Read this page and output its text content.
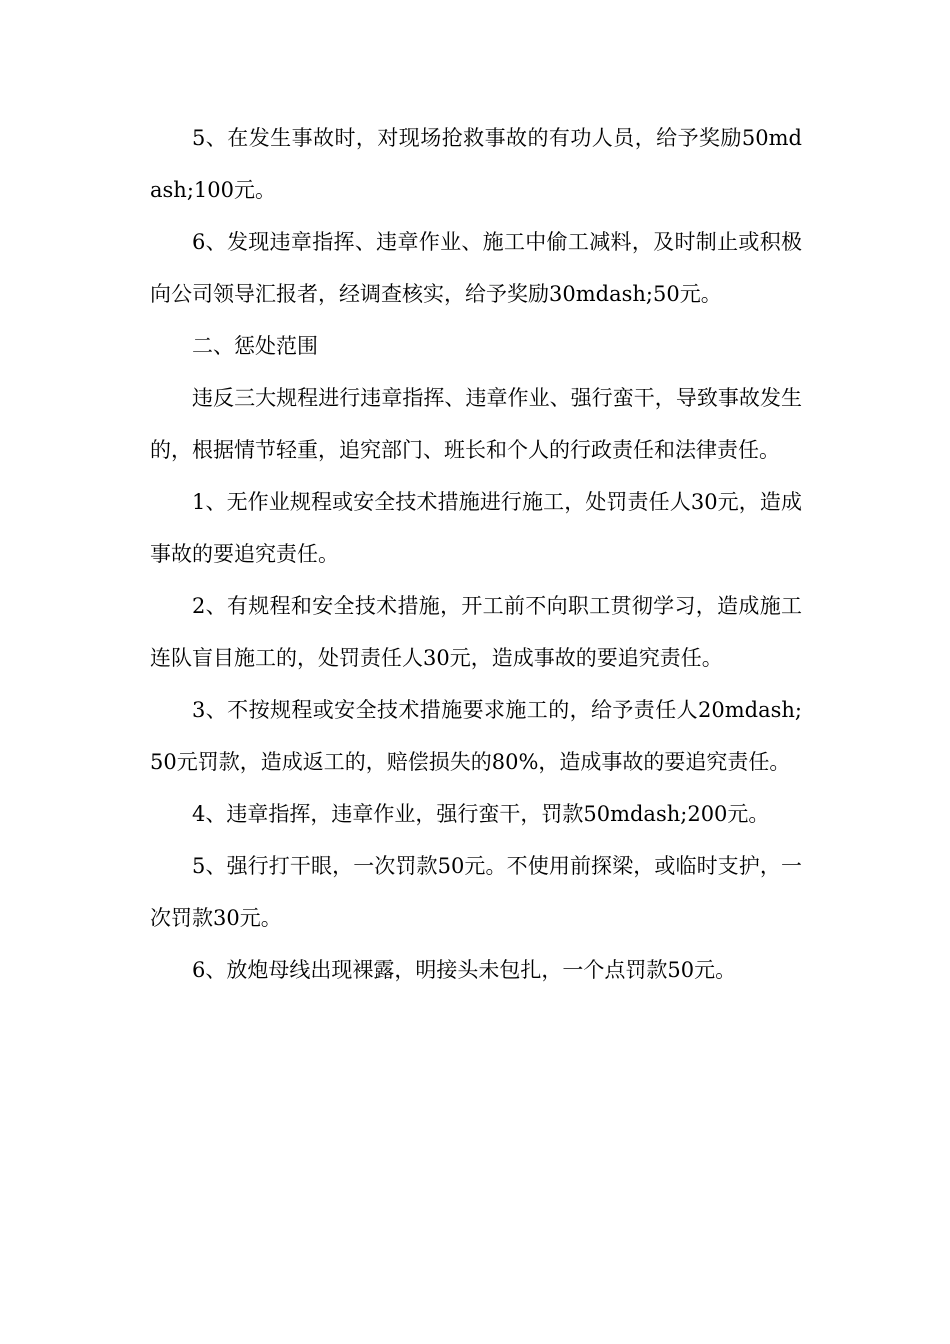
5、在发生事故时，对现场抢救事故的有功人员，给予奖励50mdash;100元。

6、发现违章指挥、违章作业、施工中偷工减料，及时制止或积极向公司领导汇报者，经调查核实，给予奖励30mdash;50元。

二、惩处范围

违反三大规程进行违章指挥、违章作业、强行蛮干，导致事故发生的，根据情节轻重，追究部门、班长和个人的行政责任和法律责任。

1、无作业规程或安全技术措施进行施工，处罚责任人30元，造成事故的要追究责任。

2、有规程和安全技术措施，开工前不向职工贯彻学习，造成施工连队盲目施工的，处罚责任人30元，造成事故的要追究责任。

3、不按规程或安全技术措施要求施工的，给予责任人20mdash;50元罚款，造成返工的，赔偿损失的80%，造成事故的要追究责任。

4、违章指挥，违章作业，强行蛮干，罚款50mdash;200元。

5、强行打干眼，一次罚款50元。不使用前探梁，或临时支护，一次罚款30元。

6、放炮母线出现裸露，明接头未包扎，一个点罚款50元。
